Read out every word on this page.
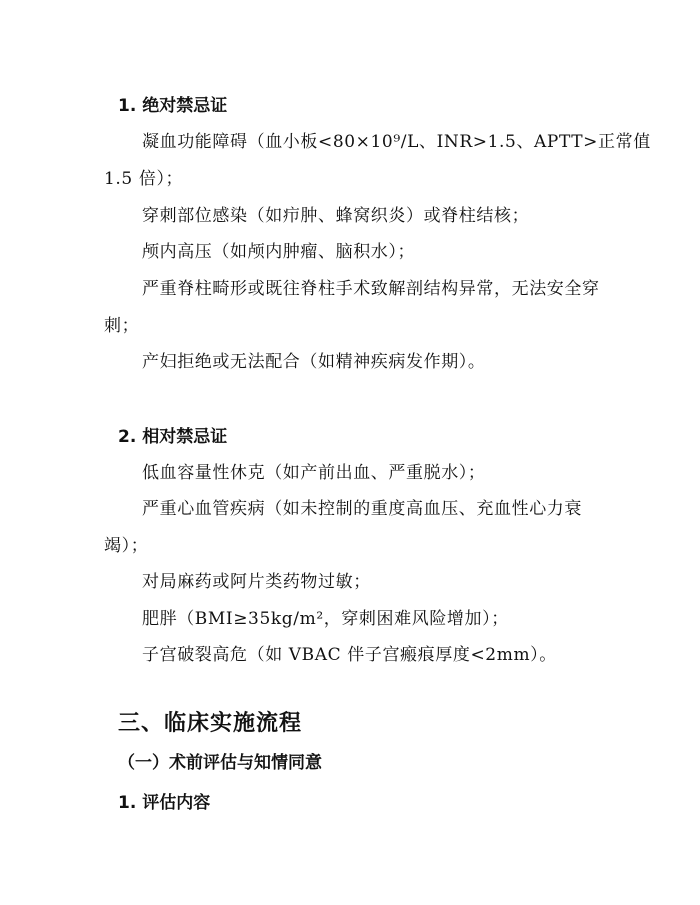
1. 绝对禁忌证
凝血功能障碍（血小板<80×10⁹/L、INR>1.5、APTT>正常值
1.5 倍）；
穿刺部位感染（如疖肿、蜂窝织炎）或脊柱结核；
颅内高压（如颅内肿瘤、脑积水）；
严重脊柱畸形或既往脊柱手术致解剖结构异常，无法安全穿
刺；
产妇拒绝或无法配合（如精神疾病发作期）。
2. 相对禁忌证
低血容量性休克（如产前出血、严重脱水）；
严重心血管疾病（如未控制的重度高血压、充血性心力衰
竭）；
对局麻药或阿片类药物过敏；
肥胖（BMI≥35kg/m²，穿刺困难风险增加）；
子宫破裂高危（如 VBAC 伴子宫瘢痕厚度<2mm）。
三、临床实施流程
（一）术前评估与知情同意
1. 评估内容
